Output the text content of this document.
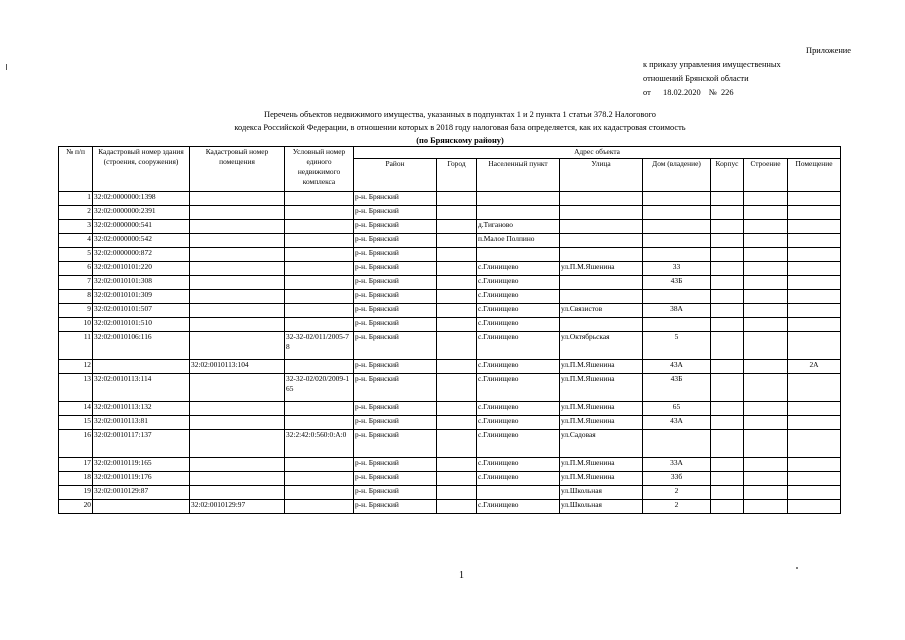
Приложение
к приказу управления имущественных
отношений Брянской области
от   18.02.2020  № 226
Перечень объектов недвижимого имущества, указанных в подпунктах 1 и 2 пункта 1 статьи 378.2 Налогового
кодекса Российской Федерации, в отношении которых в 2018 году налоговая база определяется, как их кадастровая стоимость
(по Брянскому району)
№ п/п	Кадастровый номер здания (строения, сооружения)	Кадастровый номер помещения	Условный номер единого недвижимого комплекса	Адрес объекта							
				Район	Город	Населенный пункт	Улица	Дом (владение)	Корпус	Строение	Помещение
1	32:02:0000000:1398			р-н. Брянский							
2	32:02:0000000:2391			р-н. Брянский							
3	32:02:0000000:541			р-н. Брянский		д.Тиганово					
4	32:02:0000000:542			р-н. Брянский		п.Малое Полпино					
5	32:02:0000000:872			р-н. Брянский							
6	32:02:0010101:220			р-н. Брянский		с.Глинищево	ул.П.М.Яшенина	33			
7	32:02:0010101:308			р-н. Брянский		с.Глинищево		43Б			
8	32:02:0010101:309			р-н. Брянский		с.Глинищево					
9	32:02:0010101:507			р-н. Брянский		с.Глинищево	ул.Связистов	38А			
10	32:02:0010101:510			р-н. Брянский		с.Глинищево					
11	32:02:0010106:116		32-32-02/011/2005-78	р-н. Брянский		с.Глинищево	ул.Октябрьская	5			
12		32:02:0010113:104		р-н. Брянский		с.Глинищево	ул.П.М.Яшенина	43А			2А
13	32:02:0010113:114		32-32-02/020/2009-165	р-н. Брянский		с.Глинищево	ул.П.М.Яшенина	43Б			
14	32:02:0010113:132			р-н. Брянский		с.Глинищево	ул.П.М.Яшенина	65			
15	32:02:0010113:81			р-н. Брянский		с.Глинищево	ул.П.М.Яшенина	43А			
16	32:02:0010117:137		32:2:42:0:560:0:А:0	р-н. Брянский		с.Глинищево	ул.Садовая				
17	32:02:0010119:165			р-н. Брянский		с.Глинищево	ул.П.М.Яшенина	33А			
18	32:02:0010119:176			р-н. Брянский		с.Глинищево	ул.П.М.Яшенина	33б			
19	32:02:0010129:87			р-н. Брянский			ул.Школьная	2			
20		32:02:0010129:97		р-н. Брянский		с.Глинищево	ул.Школьная	2			
1
